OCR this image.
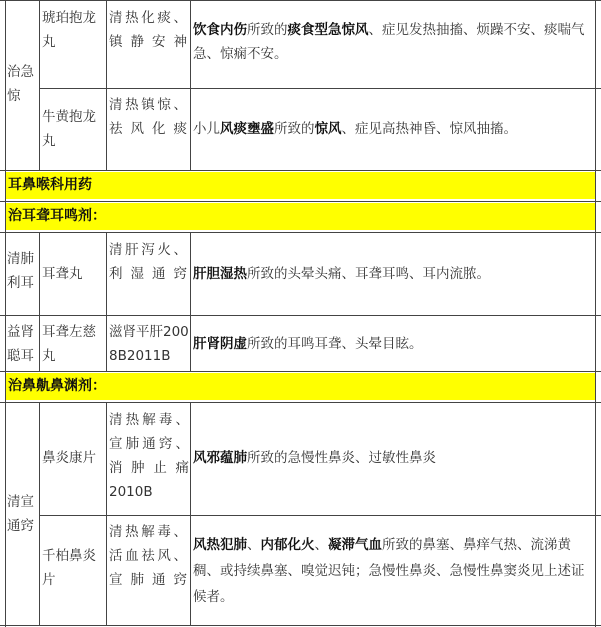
耳鼻喉科用药
治耳聋耳鸣剂：
治鼻鼽鼻渊剂：
治急惊
琥珀抱龙丸
清热化痰、镇静安神
饮食内伤所致的痰食型急惊风、症见发热抽搐、烦躁不安、痰喘气急、惊痫不安。
牛黄抱龙丸
清热镇惊、祛风化痰 小儿风痰壅盛所致的惊风、症见高热神昏、惊风抽搐。
清肺利耳
耳聋丸
清肝泻火、利湿通窍 肝胆湿热所致的头晕头痛、耳聋耳鸣、耳内流脓。
益肾聪耳
耳聋左慈丸
滋肾平肝2008B2011B
肝肾阴虚所致的耳鸣耳聋、头晕目眩。
清宣通窍
鼻炎康片
清热解毒、宣肺通窍、消肿止痛 2010B
风邪蕴肺所致的急慢性鼻炎、过敏性鼻炎
千柏鼻炎片
清热解毒、活血祛风、宣肺通窍
风热犯肺、内郁化火、凝滞气血所致的鼻塞、鼻痒气热、流涕黄稠、或持续鼻塞、嗅觉迟钝；急慢性鼻炎、急慢性鼻窦炎见上述证候者。
